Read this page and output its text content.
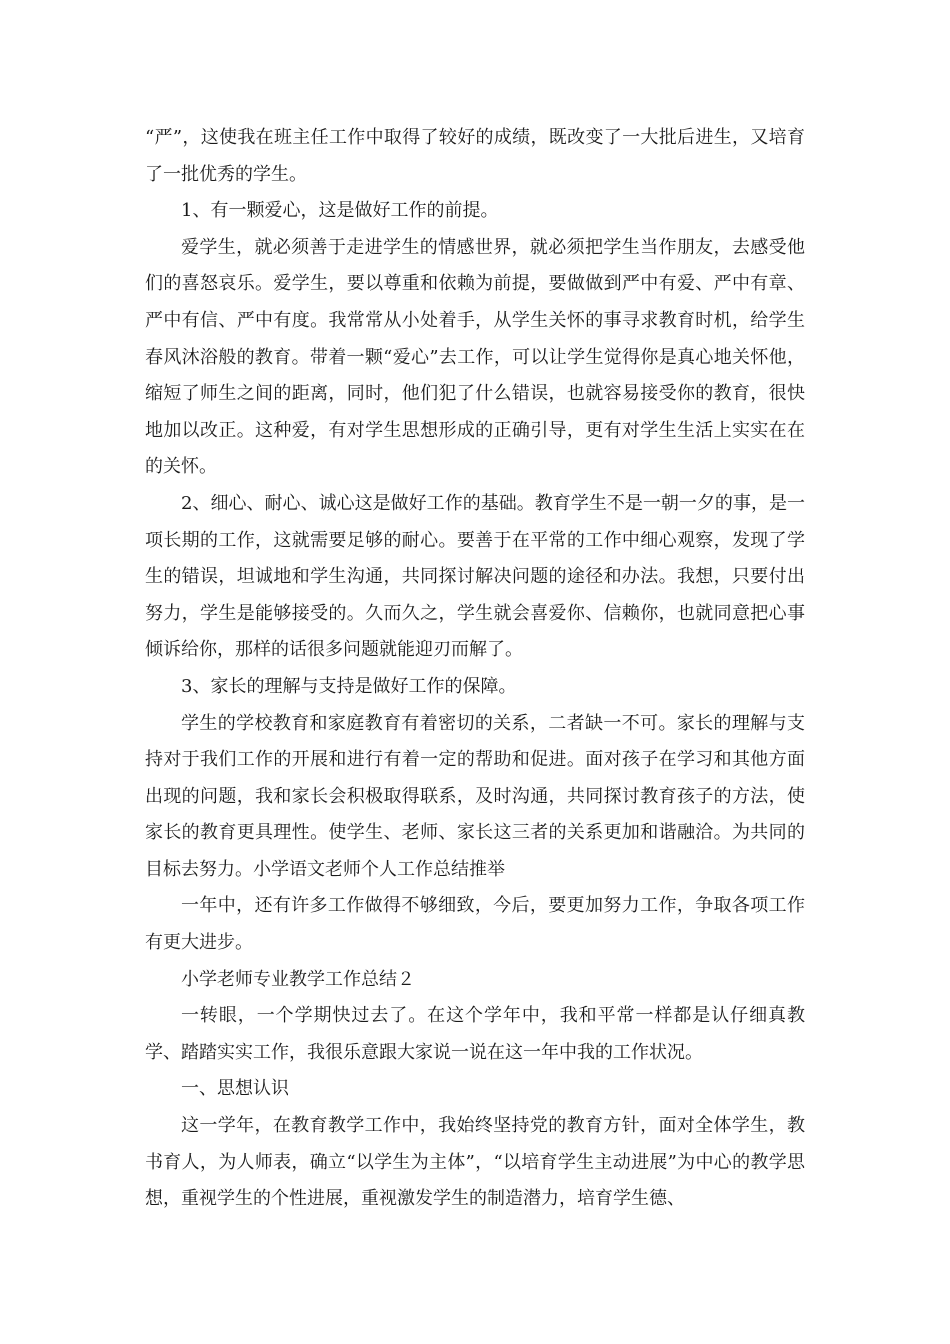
“严”，这使我在班主任工作中取得了较好的成绩，既改变了一大批后进生，又培育了一批优秀的学生。

1、有一颗爱心，这是做好工作的前提。

爱学生，就必须善于走进学生的情感世界，就必须把学生当作朋友，去感受他们的喜怒哀乐。爱学生，要以尊重和依赖为前提，要做做到严中有爱、严中有章、严中有信、严中有度。我常常从小处着手，从学生关怀的事寻求教育时机，给学生春风沐浴般的教育。带着一颗“爱心”去工作，可以让学生觉得你是真心地关怀他，缩短了师生之间的距离，同时，他们犯了什么错误，也就容易接受你的教育，很快地加以改正。这种爱，有对学生思想形成的正确引导，更有对学生生活上实实在在的关怀。

2、细心、耐心、诚心这是做好工作的基础。教育学生不是一朝一夕的事，是一项长期的工作，这就需要足够的耐心。要善于在平常的工作中细心观察，发现了学生的错误，坦诚地和学生沟通，共同探讨解决问题的途径和办法。我想，只要付出努力，学生是能够接受的。久而久之，学生就会喜爱你、信赖你，也就同意把心事倾诉给你，那样的话很多问题就能迎刃而解了。

3、家长的理解与支持是做好工作的保障。

学生的学校教育和家庭教育有着密切的关系，二者缺一不可。家长的理解与支持对于我们工作的开展和进行有着一定的帮助和促进。面对孩子在学习和其他方面出现的问题，我和家长会积极取得联系，及时沟通，共同探讨教育孩子的方法，使家长的教育更具理性。使学生、老师、家长这三者的关系更加和谐融洽。为共同的目标去努力。小学语文老师个人工作总结推举

一年中，还有许多工作做得不够细致，今后，要更加努力工作，争取各项工作有更大进步。

小学老师专业教学工作总结２

一转眼，一个学期快过去了。在这个学年中，我和平常一样都是认仔细真教学、踏踏实实工作，我很乐意跟大家说一说在这一年中我的工作状况。

一、思想认识

这一学年，在教育教学工作中，我始终坚持党的教育方针，面对全体学生，教书育人，为人师表，确立“以学生为主体”，“以培育学生主动进展”为中心的教学思想，重视学生的个性进展，重视激发学生的制造潜力，培育学生德、
